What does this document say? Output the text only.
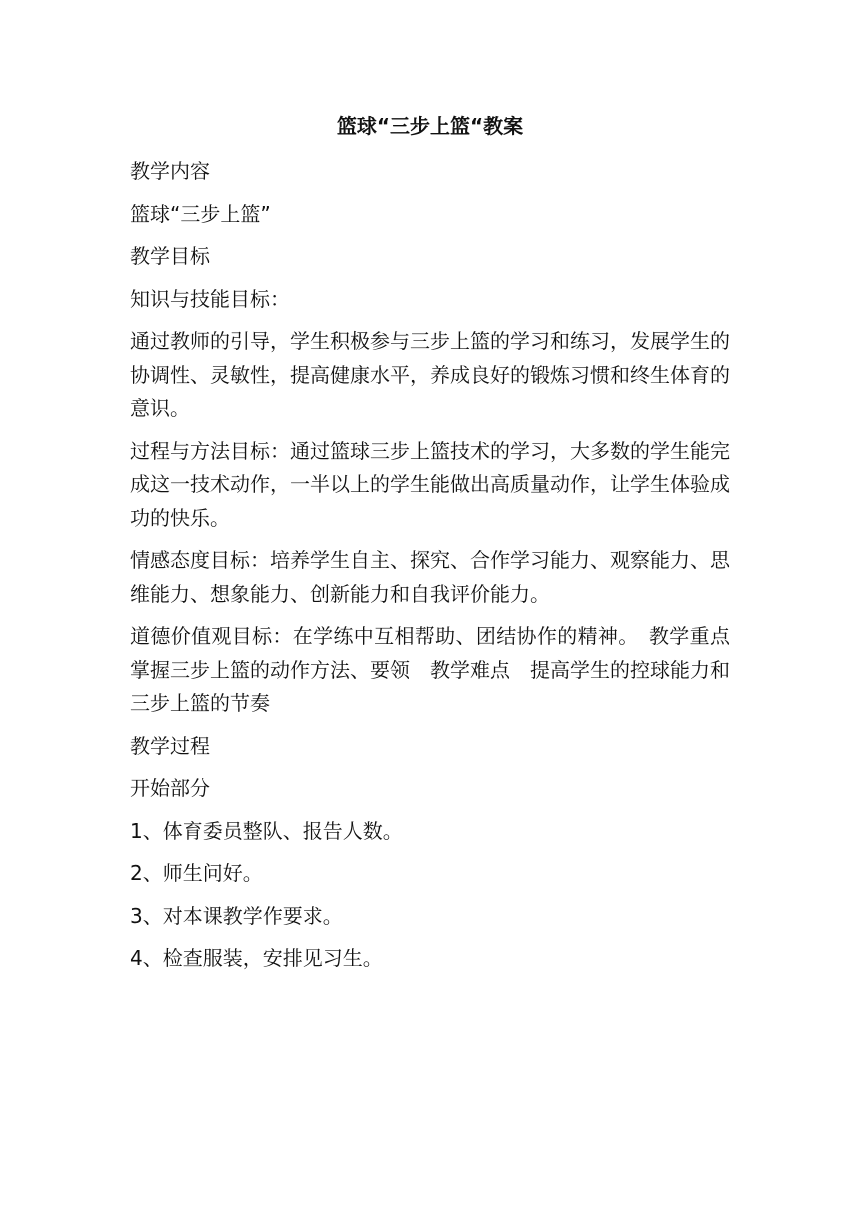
篮球“三步上篮“教案

教学内容

篮球“三步上篮”

教学目标

知识与技能目标：

通过教师的引导，学生积极参与三步上篮的学习和练习，发展学生的协调性、灵敏性，提高健康水平，养成良好的锻炼习惯和终生体育的意识。

过程与方法目标：通过篮球三步上篮技术的学习，大多数的学生能完成这一技术动作，一半以上的学生能做出高质量动作，让学生体验成功的快乐。

情感态度目标：培养学生自主、探究、合作学习能力、观察能力、思维能力、想象能力、创新能力和自我评价能力。

道德价值观目标：在学练中互相帮助、团结协作的精神。　教学重点　掌握三步上篮的动作方法、要领　教学难点　提高学生的控球能力和三步上篮的节奏

教学过程

开始部分

1、体育委员整队、报告人数。

2、师生问好。

3、对本课教学作要求。

4、检查服装，安排见习生。
